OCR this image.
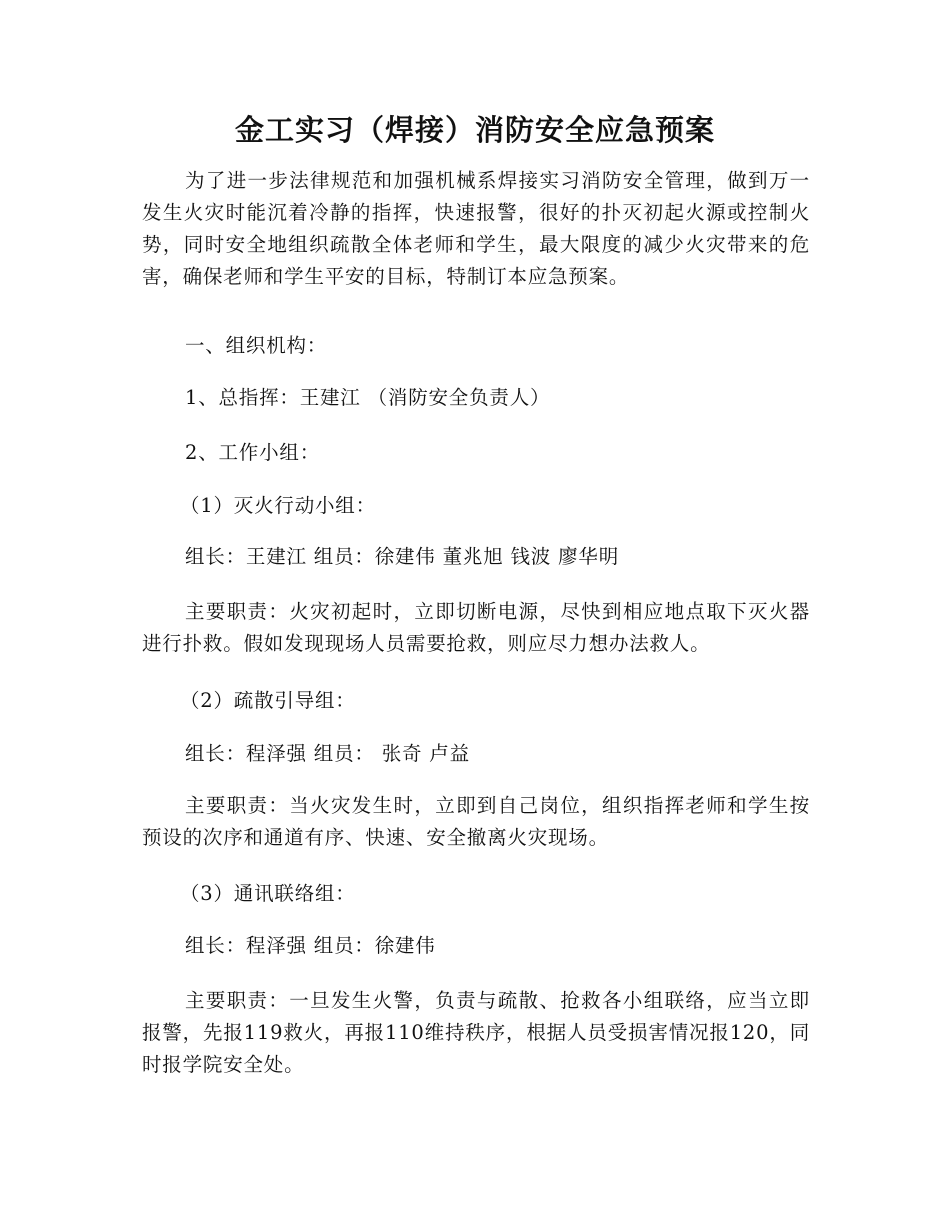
金工实习（焊接）消防安全应急预案

为了进一步法律规范和加强机械系焊接实习消防安全管理，做到万一发生火灾时能沉着冷静的指挥，快速报警，很好的扑灭初起火源或控制火势，同时安全地组织疏散全体老师和学生，最大限度的减少火灾带来的危害，确保老师和学生平安的目标，特制订本应急预案。

一、组织机构：

1、总指挥：王建江 （消防安全负责人）

2、工作小组：

（1）灭火行动小组：

组长：王建江 组员：徐建伟 董兆旭 钱波 廖华明

主要职责：火灾初起时，立即切断电源，尽快到相应地点取下灭火器进行扑救。假如发现现场人员需要抢救，则应尽力想办法救人。

（2）疏散引导组：

组长：程泽强 组员： 张奇 卢益

主要职责：当火灾发生时，立即到自己岗位，组织指挥老师和学生按预设的次序和通道有序、快速、安全撤离火灾现场。

（3）通讯联络组：

组长：程泽强 组员：徐建伟

主要职责：一旦发生火警，负责与疏散、抢救各小组联络，应当立即报警，先报119救火，再报110维持秩序，根据人员受损害情况报120，同时报学院安全处。
